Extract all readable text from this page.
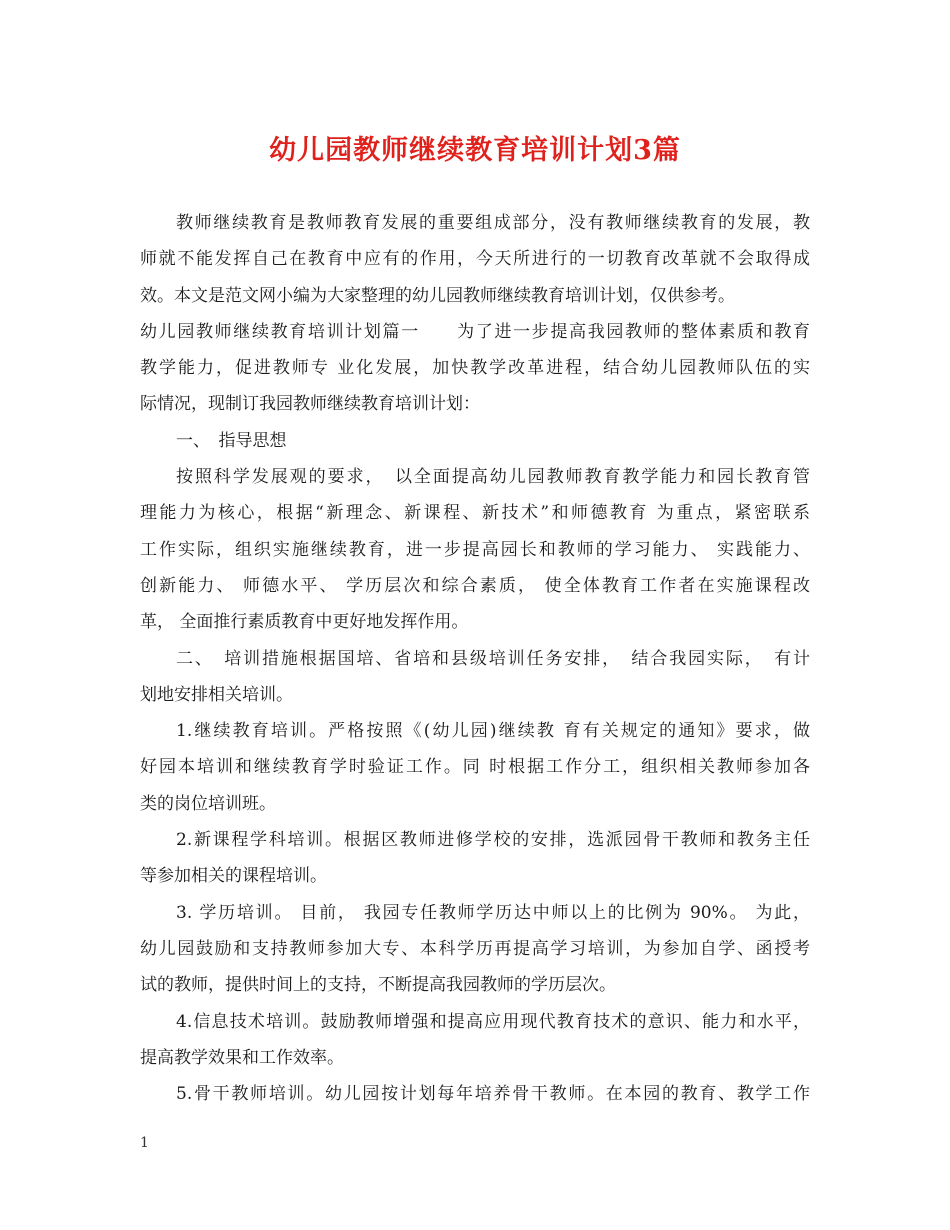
幼儿园教师继续教育培训计划3篇
教师继续教育是教师教育发展的重要组成部分，没有教师继续教育的发展，教
师就不能发挥自己在教育中应有的作用，今天所进行的一切教育改革就不会取得成
效。本文是范文网小编为大家整理的幼儿园教师继续教育培训计划，仅供参考。
幼儿园教师继续教育培训计划篇一　　为了进一步提高我园教师的整体素质和教育
教学能力，促进教师专 业化发展，加快教学改革进程，结合幼儿园教师队伍的实
际情况，现制订我园教师继续教育培训计划：
一、　指导思想
按照科学发展观的要求，　以全面提高幼儿园教师教育教学能力和园长教育管
理能力为核心，根据“新理念、新课程、新技术”和师德教育 为重点，紧密联系
工作实际，组织实施继续教育，进一步提高园长和教师的学习能力、 实践能力、
创新能力、 师德水平、 学历层次和综合素质， 使全体教育工作者在实施课程改
革， 全面推行素质教育中更好地发挥作用。
二、　培训措施根据国培、省培和县级培训任务安排，　结合我园实际，　有计
划地安排相关培训。
1.继续教育培训。严格按照《(幼儿园)继续教 育有关规定的通知》要求，做
好园本培训和继续教育学时验证工作。同 时根据工作分工，组织相关教师参加各
类的岗位培训班。
2.新课程学科培训。根据区教师进修学校的安排，选派园骨干教师和教务主任
等参加相关的课程培训。
3. 学历培训。 目前， 我园专任教师学历达中师以上的比例为 90%。 为此，
幼儿园鼓励和支持教师参加大专、本科学历再提高学习培训，为参加自学、函授考
试的教师，提供时间上的支持，不断提高我园教师的学历层次。
4.信息技术培训。鼓励教师增强和提高应用现代教育技术的意识、能力和水平，
提高教学效果和工作效率。
5.骨干教师培训。幼儿园按计划每年培养骨干教师。在本园的教育、教学工作
1
